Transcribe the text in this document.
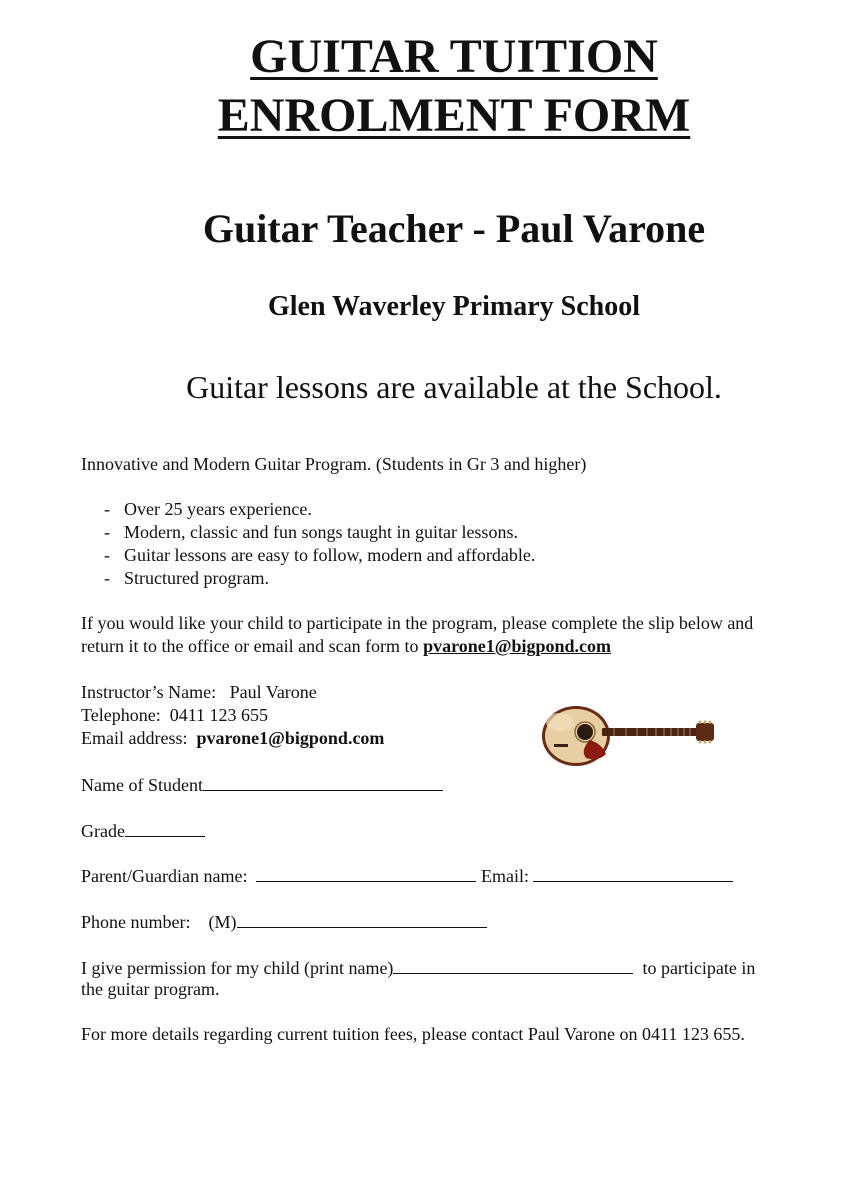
GUITAR TUITION
ENROLMENT FORM
Guitar Teacher - Paul Varone
Glen Waverley Primary School

Guitar lessons are available at the School.

Innovative and Modern Guitar Program. (Students in Gr 3 and higher)

- Over 25 years experience.
- Modern, classic and fun songs taught in guitar lessons.
- Guitar lessons are easy to follow, modern and affordable.
- Structured program.

If you would like your child to participate in the program, please complete the slip below and

return it to the office or email and scan form to pvarone1@bigpond.com

Instructor’s Name: Paul Varone

Telephone: 0411 123 655

Email address: pvarone1@bigpond.com

Name of Student

Grade

Parent/Guardian name:	Email:

Phone number: (M)

I give permission for my child (print name)	to participate in

the guitar program.

For more details regarding current tuition fees, please contact Paul Varone on 0411 123 655.
